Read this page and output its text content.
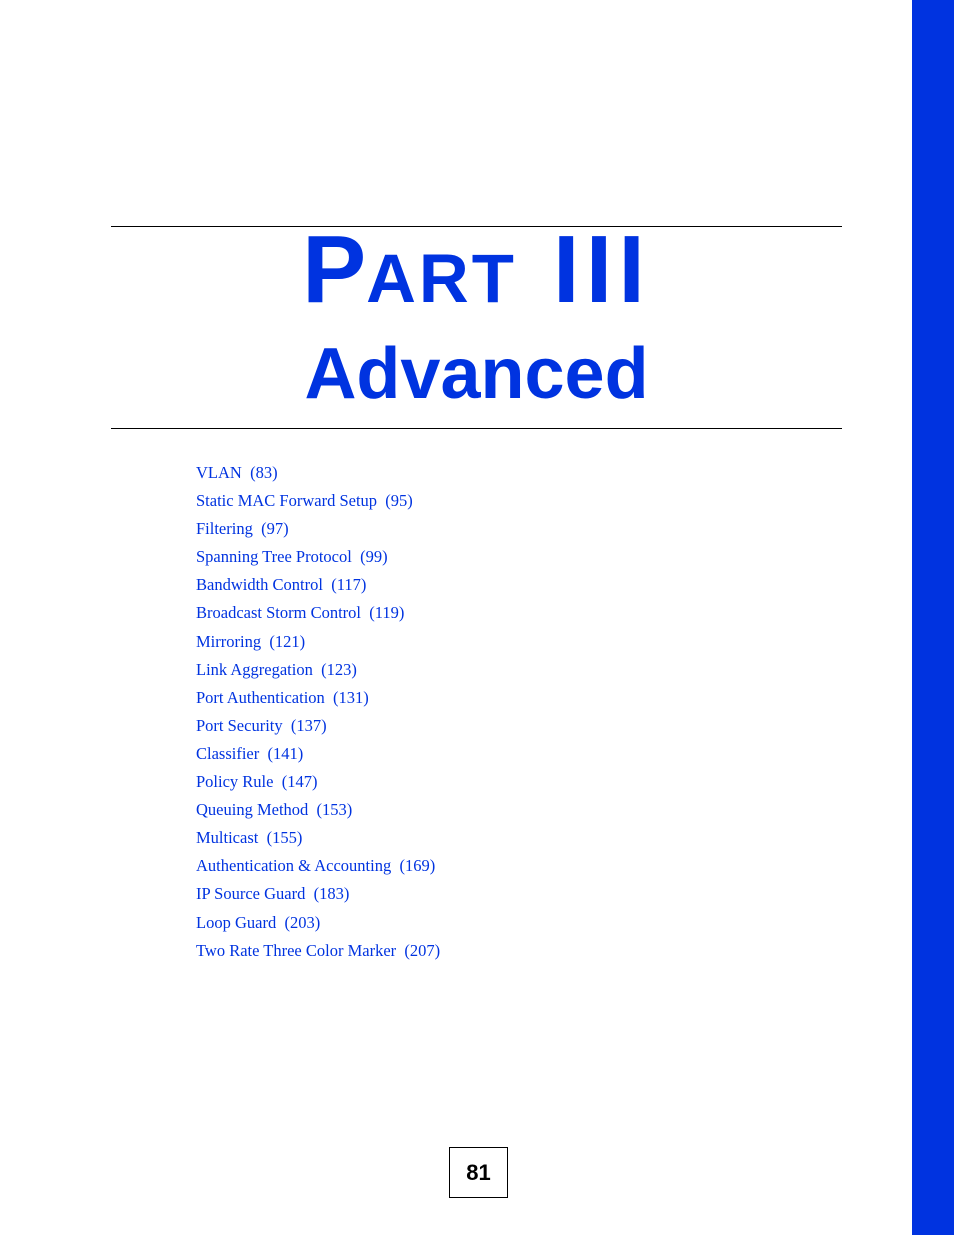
PART III
Advanced
VLAN (83)
Static MAC Forward Setup (95)
Filtering (97)
Spanning Tree Protocol (99)
Bandwidth Control (117)
Broadcast Storm Control (119)
Mirroring (121)
Link Aggregation (123)
Port Authentication (131)
Port Security (137)
Classifier (141)
Policy Rule (147)
Queuing Method (153)
Multicast (155)
Authentication & Accounting (169)
IP Source Guard (183)
Loop Guard (203)
Two Rate Three Color Marker (207)
81
